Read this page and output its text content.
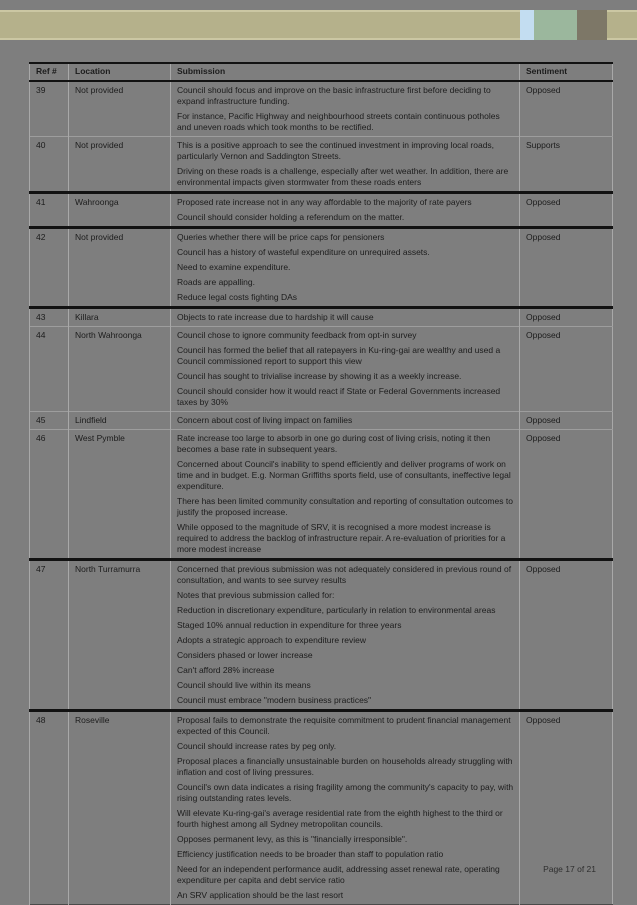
Ref #	Location	Submission	Sentiment
39	Not provided	Council should focus and improve on the basic infrastructure first before deciding to expand infrastructure funding.

For instance, Pacific Highway and neighbourhood streets contain continuous potholes and uneven roads which took months to be rectified.	Opposed
40	Not provided	This is a positive approach to see the continued investment in improving local roads, particularly Vernon and Saddington Streets.

Driving on these roads is a challenge, especially after wet weather. In addition, there are environmental impacts given stormwater from these roads enters	Supports
41	Wahroonga	Proposed rate increase not in any way affordable to the majority of rate payers

Council should consider holding a referendum on the matter.	Opposed
42	Not provided	Queries whether there will be price caps for pensioners

Council has a history of wasteful expenditure on unrequired assets.

Need to examine expenditure.

Roads are appalling.

Reduce legal costs fighting DAs	Opposed
43	Killara	Objects to rate increase due to hardship it will cause	Opposed
44	North Wahroonga	Council chose to ignore community feedback from opt-in survey

Council has formed the belief that all ratepayers in Ku-ring-gai are wealthy and used a Council commissioned report to support this view

Council has sought to trivialise increase by showing it as a weekly increase.

Council should consider how it would react if State or Federal Governments increased taxes by 30%	Opposed
45	Lindfield	Concern about cost of living impact on families	Opposed
46	West Pymble	Rate increase too large to absorb in one go during cost of living crisis, noting it then becomes a base rate in subsequent years.

Concerned about Council's inability to spend efficiently and deliver programs of work on time and in budget. E.g. Norman Griffiths sports field, use of consultants, ineffective legal expenditure.

There has been limited community consultation and reporting of consultation outcomes to justify the proposed increase.

While opposed to the magnitude of SRV, it is recognised a more modest increase is required to address the backlog of infrastructure repair. A re-evaluation of priorities for a more modest increase	Opposed
47	North Turramurra	Concerned that previous submission was not adequately considered in previous round of consultation, and wants to see survey results

Notes that previous submission called for:

Reduction in discretionary expenditure, particularly in relation to environmental areas

Staged 10% annual reduction in expenditure for three years

Adopts a strategic approach to expenditure review

Considers phased or lower increase

Can't afford 28% increase

Council should live within its means

Council must embrace "modern business practices"

	Opposed
48	Roseville	Proposal fails to demonstrate the requisite commitment to prudent financial management expected of this Council.

Council should increase rates by peg only.

Proposal places a financially unsustainable burden on households already struggling with inflation and cost of living pressures.

Council's own data indicates a rising fragility among the community's capacity to pay, with rising outstanding rates levels.

Will elevate Ku-ring-gai's average residential rate from the eighth highest to the third or fourth highest among all Sydney metropolitan councils.

Opposes permanent levy, as this is "financially irresponsible".

Efficiency justification needs to be broader than staff to population ratio

Need for an independent performance audit, addressing asset renewal rate, operating expenditure per capita and debt service ratio

An SRV application should be the last resort

	Opposed
Page 17 of 21
